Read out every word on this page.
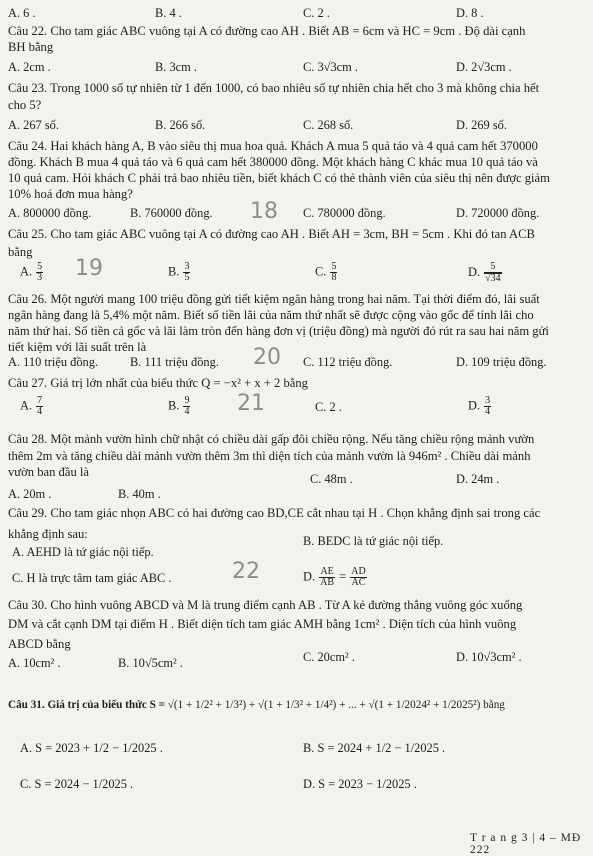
A. 6 .	B. 4 .	C. 2 .	D. 8 .
Câu 22. Cho tam giác ABC vuông tại A có đường cao AH . Biết AB = 6cm và HC = 9cm . Độ dài cạnh
BH bằng
A. 2cm .	B. 3cm .	C. 3√3cm .	D. 2√3cm .
Câu 23. Trong 1000 số tự nhiên từ 1 đến 1000, có bao nhiêu số tự nhiên chia hết cho 3 mà không chia hết
cho 5?
A. 267 số.	B. 266 số.	C. 268 số.	D. 269 số.
Câu 24. Hai khách hàng A, B vào siêu thị mua hoa quả. Khách A mua 5 quả táo và 4 quả cam hết 370000
đồng. Khách B mua 4 quả táo và 6 quả cam hết 380000 đồng. Một khách hàng C khác mua 10 quả táo và
10 quả cam. Hỏi khách C phải trả bao nhiêu tiền, biết khách C có thẻ thành viên của siêu thị nên được giảm
10% hoá đơn mua hàng?
A. 800000 đồng.	B. 760000 đồng.	C. 780000 đồng.	D. 720000 đồng.
18
Câu 25. Cho tam giác ABC vuông tại A có đường cao AH . Biết AH = 3cm, BH = 5cm . Khi đó tan ACB
bằng
A. $\frac{5}{3}$	B. $\frac{3}{5}$	C. $\frac{5}{8}$	D. $\frac{5}{√34}$
19
Câu 26. Một người mang 100 triệu đồng gửi tiết kiệm ngân hàng trong hai năm. Tại thời điểm đó, lãi suất
ngân hàng đang là 5,4% một năm. Biết số tiền lãi của năm thứ nhất sẽ được cộng vào gốc để tính lãi cho
năm thứ hai. Số tiền cả gốc và lãi làm tròn đến hàng đơn vị (triệu đồng) mà người đó rút ra sau hai năm gửi
tiết kiệm với lãi suất trên là
A. 110 triệu đồng.	B. 111 triệu đồng.	C. 112 triệu đồng.	D. 109 triệu đồng.
20
Câu 27. Giá trị lớn nhất của biểu thức Q = −x² + x + 2 bằng
A. $\frac{7}{4}$	B. $\frac{9}{4}$	C. 2 .	D. $\frac{3}{4}$
21
Câu 28. Một mảnh vườn hình chữ nhật có chiều dài gấp đôi chiều rộng. Nếu tăng chiều rộng mảnh vườn
thêm 2m và tăng chiều dài mảnh vườn thêm 3m thì diện tích của mảnh vườn là 946m² . Chiều dài mảnh
vườn ban đầu là
A. 20m .	B. 40m .
C. 48m .	D. 24m .
Câu 29. Cho tam giác nhọn ABC có hai đường cao BD,CE cắt nhau tại H . Chọn khẳng định sai trong các
khẳng định sau:
A. AEHD là tứ giác nội tiếp.
B. BEDC là tứ giác nội tiếp.
C. H là trực tâm tam giác ABC .	D. $\frac{AE}{AB} = \frac{AD}{AC}$
22
Câu 30. Cho hình vuông ABCD và M là trung điểm cạnh AB . Từ A kẻ đường thẳng vuông góc xuống
DM và cắt cạnh DM tại điểm H . Biết diện tích tam giác AMH bằng 1cm² . Diện tích của hình vuông
ABCD bằng
A. 10cm² .	B. 10√5cm² .	C. 20cm² .	D. 10√3cm² .
Câu 31. Giá trị của biểu thức S = √(1 + 1/2² + 1/3²) + √(1 + 1/3² + 1/4²) + ... + √(1 + 1/2024² + 1/2025²) bằng
A. S = 2023 + 1/2 − 1/2025 .	B. S = 2024 + 1/2 − 1/2025 .
C. S = 2024 − 1/2025 .	D. S = 2023 − 1/2025 .
T r a n g 3 | 4 – MĐ 222
